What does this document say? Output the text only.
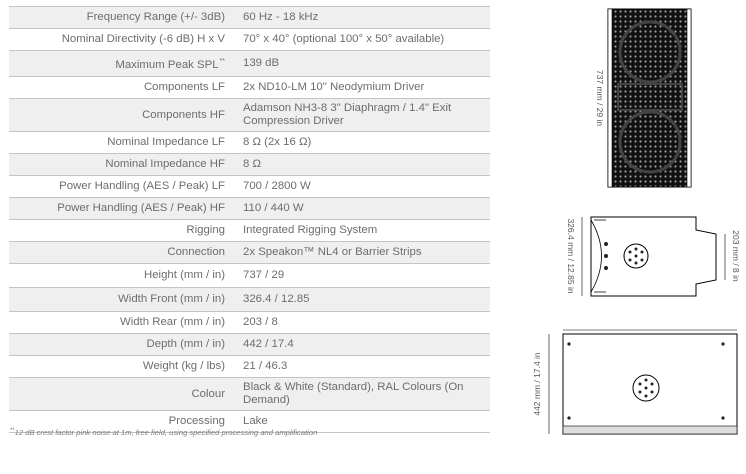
Frequency Range (+/- 3dB)		60 Hz - 18 kHz
Nominal Directivity (-6 dB) H x V		70° x 40° (optional 100° x 50° available)
Maximum Peak SPL**		139 dB
Components LF		2x ND10-LM 10" Neodymium Driver
Components HF		Adamson NH3-8 3" Diaphragm / 1.4" Exit Compression Driver
Nominal Impedance LF		8 Ω (2x 16 Ω)
Nominal Impedance HF		8 Ω
Power Handling (AES / Peak) LF		700 / 2800 W
Power Handling (AES / Peak) HF		110 / 440 W
Rigging		Integrated Rigging System
Connection		2x Speakon™ NL4 or Barrier Strips
Height (mm / in)		737 / 29
Width Front (mm / in)		326.4 / 12.85
Width Rear (mm / in)		203 / 8
Depth (mm / in)		442 / 17.4
Weight (kg / lbs)		21 / 46.3
Colour		Black & White (Standard), RAL Colours (On Demand)
Processing		Lake
**12 dB crest factor pink noise at 1m, free field, using specified processing and amplification
737 mm / 29 in
326.4 mm / 12.85 in	203 mm / 8 in
442 mm / 17.4 in
